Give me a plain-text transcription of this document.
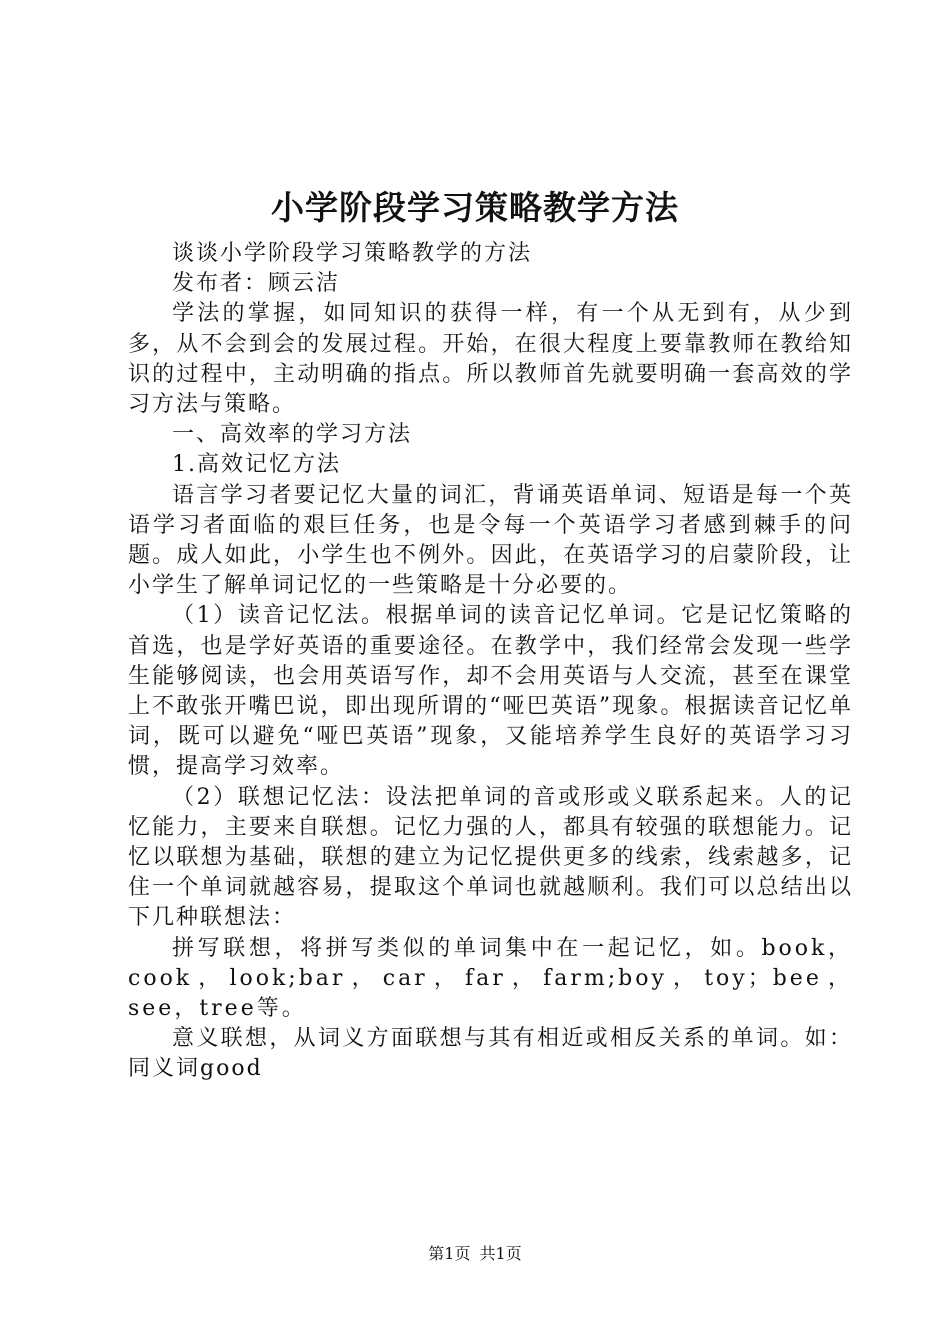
小学阶段学习策略教学方法

谈谈小学阶段学习策略教学的方法

发布者：顾云洁

学法的掌握，如同知识的获得一样，有一个从无到有，从少到多，从不会到会的发展过程。开始，在很大程度上要靠教师在教给知识的过程中，主动明确的指点。所以教师首先就要明确一套高效的学习方法与策略。

一、高效率的学习方法

1.高效记忆方法

语言学习者要记忆大量的词汇，背诵英语单词、短语是每一个英语学习者面临的艰巨任务，也是令每一个英语学习者感到棘手的问题。成人如此，小学生也不例外。因此，在英语学习的启蒙阶段，让小学生了解单词记忆的一些策略是十分必要的。

（1）读音记忆法。根据单词的读音记忆单词。它是记忆策略的首选，也是学好英语的重要途径。在教学中，我们经常会发现一些学生能够阅读，也会用英语写作，却不会用英语与人交流，甚至在课堂上不敢张开嘴巴说，即出现所谓的“哑巴英语”现象。根据读音记忆单词，既可以避免“哑巴英语”现象，又能培养学生良好的英语学习习惯，提高学习效率。

（2）联想记忆法：设法把单词的音或形或义联系起来。人的记忆能力，主要来自联想。记忆力强的人，都具有较强的联想能力。记忆以联想为基础，联想的建立为记忆提供更多的线索，线索越多，记住一个单词就越容易，提取这个单词也就越顺利。我们可以总结出以下几种联想法：

拼写联想，将拼写类似的单词集中在一起记忆，如。book，cook，look;bar，car，far，farm;boy，toy；bee，see，tree等。

意义联想，从词义方面联想与其有相近或相反关系的单词。如：同义词good

第1页 共1页
